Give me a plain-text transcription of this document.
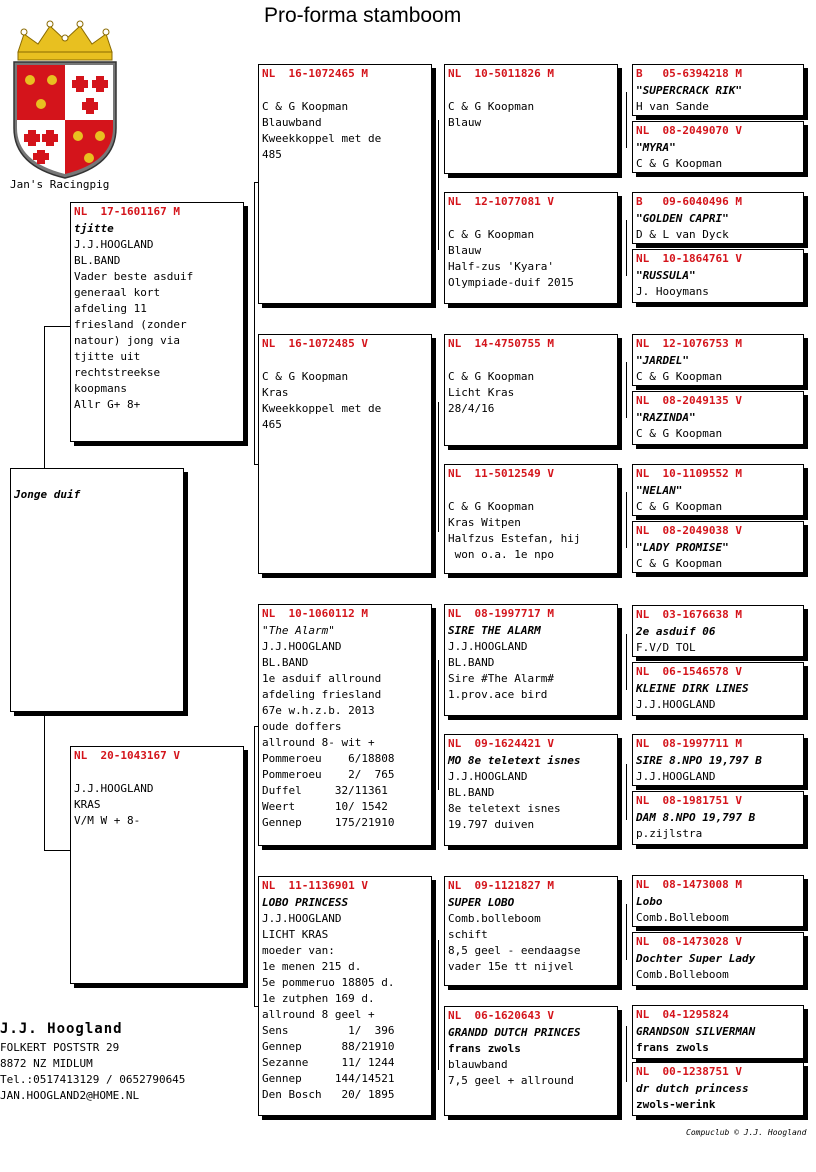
Pro-forma stamboom
Jan's Racingpig
Jonge duif
NL  17-1601167 M
tjitte
J.J.HOOGLAND
BL.BAND
Vader beste asduif
generaal kort
afdeling 11
friesland (zonder
natour) jong via
tjitte uit
rechtstreekse
koopmans
Allr G+ 8+
NL  20-1043167 V

J.J.HOOGLAND
KRAS
V/M W + 8-
NL  16-1072465 M

C & G Koopman
Blauwband
Kweekkoppel met de
485
NL  16-1072485 V

C & G Koopman
Kras
Kweekkoppel met de
465
NL  10-1060112 M
"The Alarm"
J.J.HOOGLAND
BL.BAND
1e asduif allround
afdeling friesland
67e w.h.z.b. 2013
oude doffers
allround 8- wit +
Pommeroeu    6/18808
Pommeroeu    2/  765
Duffel     32/11361
Weert      10/ 1542
Gennep     175/21910
NL  11-1136901 V
LOBO PRINCESS
J.J.HOOGLAND
LICHT KRAS
moeder van:
1e menen 215 d.
5e pommeruo 18805 d.
1e zutphen 169 d.
allround 8 geel +
Sens         1/  396
Gennep      88/21910
Sezanne     11/ 1244
Gennep     144/14521
Den Bosch   20/ 1895
NL  10-5011826 M

C & G Koopman
Blauw
NL  12-1077081 V

C & G Koopman
Blauw
Half-zus 'Kyara'
Olympiade-duif 2015
NL  14-4750755 M

C & G Koopman
Licht Kras
28/4/16
NL  11-5012549 V

C & G Koopman
Kras Witpen
Halfzus Estefan, hij
won o.a. 1e npo
NL  08-1997717 M
SIRE THE ALARM
J.J.HOOGLAND
BL.BAND
Sire #The Alarm#
1.prov.ace bird
NL  09-1624421 V
MO 8e teletext isnes
J.J.HOOGLAND
BL.BAND
8e teletext isnes
19.797 duiven
NL  09-1121827 M
SUPER LOBO
Comb.bolleboom
schift
8,5 geel - eendaagse
vader 15e tt nijvel
NL  06-1620643 V
GRANDD DUTCH PRINCES
frans zwols
blauwband
7,5 geel + allround
B   05-6394218 M
"SUPERCRACK RIK"
H van Sande
NL  08-2049070 V
"MYRA"
C & G Koopman
B   09-6040496 M
"GOLDEN CAPRI"
D & L van Dyck
NL  10-1864761 V
"RUSSULA"
J. Hooymans
NL  12-1076753 M
"JARDEL"
C & G Koopman
NL  08-2049135 V
"RAZINDA"
C & G Koopman
NL  10-1109552 M
"NELAN"
C & G Koopman
NL  08-2049038 V
"LADY PROMISE"
C & G Koopman
NL  03-1676638 M
2e asduif 06
F.V/D TOL
NL  06-1546578 V
KLEINE DIRK LINES
J.J.HOOGLAND
NL  08-1997711 M
SIRE 8.NPO 19,797 B
J.J.HOOGLAND
NL  08-1981751 V
DAM 8.NPO 19,797 B
p.zijlstra
NL  08-1473008 M
Lobo
Comb.Bolleboom
NL  08-1473028 V
Dochter Super Lady
Comb.Bolleboom
NL  04-1295824
GRANDSON SILVERMAN
frans zwols
NL  00-1238751 V
dr dutch princess
zwols-werink
J.J. Hoogland
FOLKERT POSTSTR 29
8872 NZ MIDLUM
Tel.:0517413129 / 0652790645
JAN.HOOGLAND2@HOME.NL
Compuclub © J.J. Hoogland
